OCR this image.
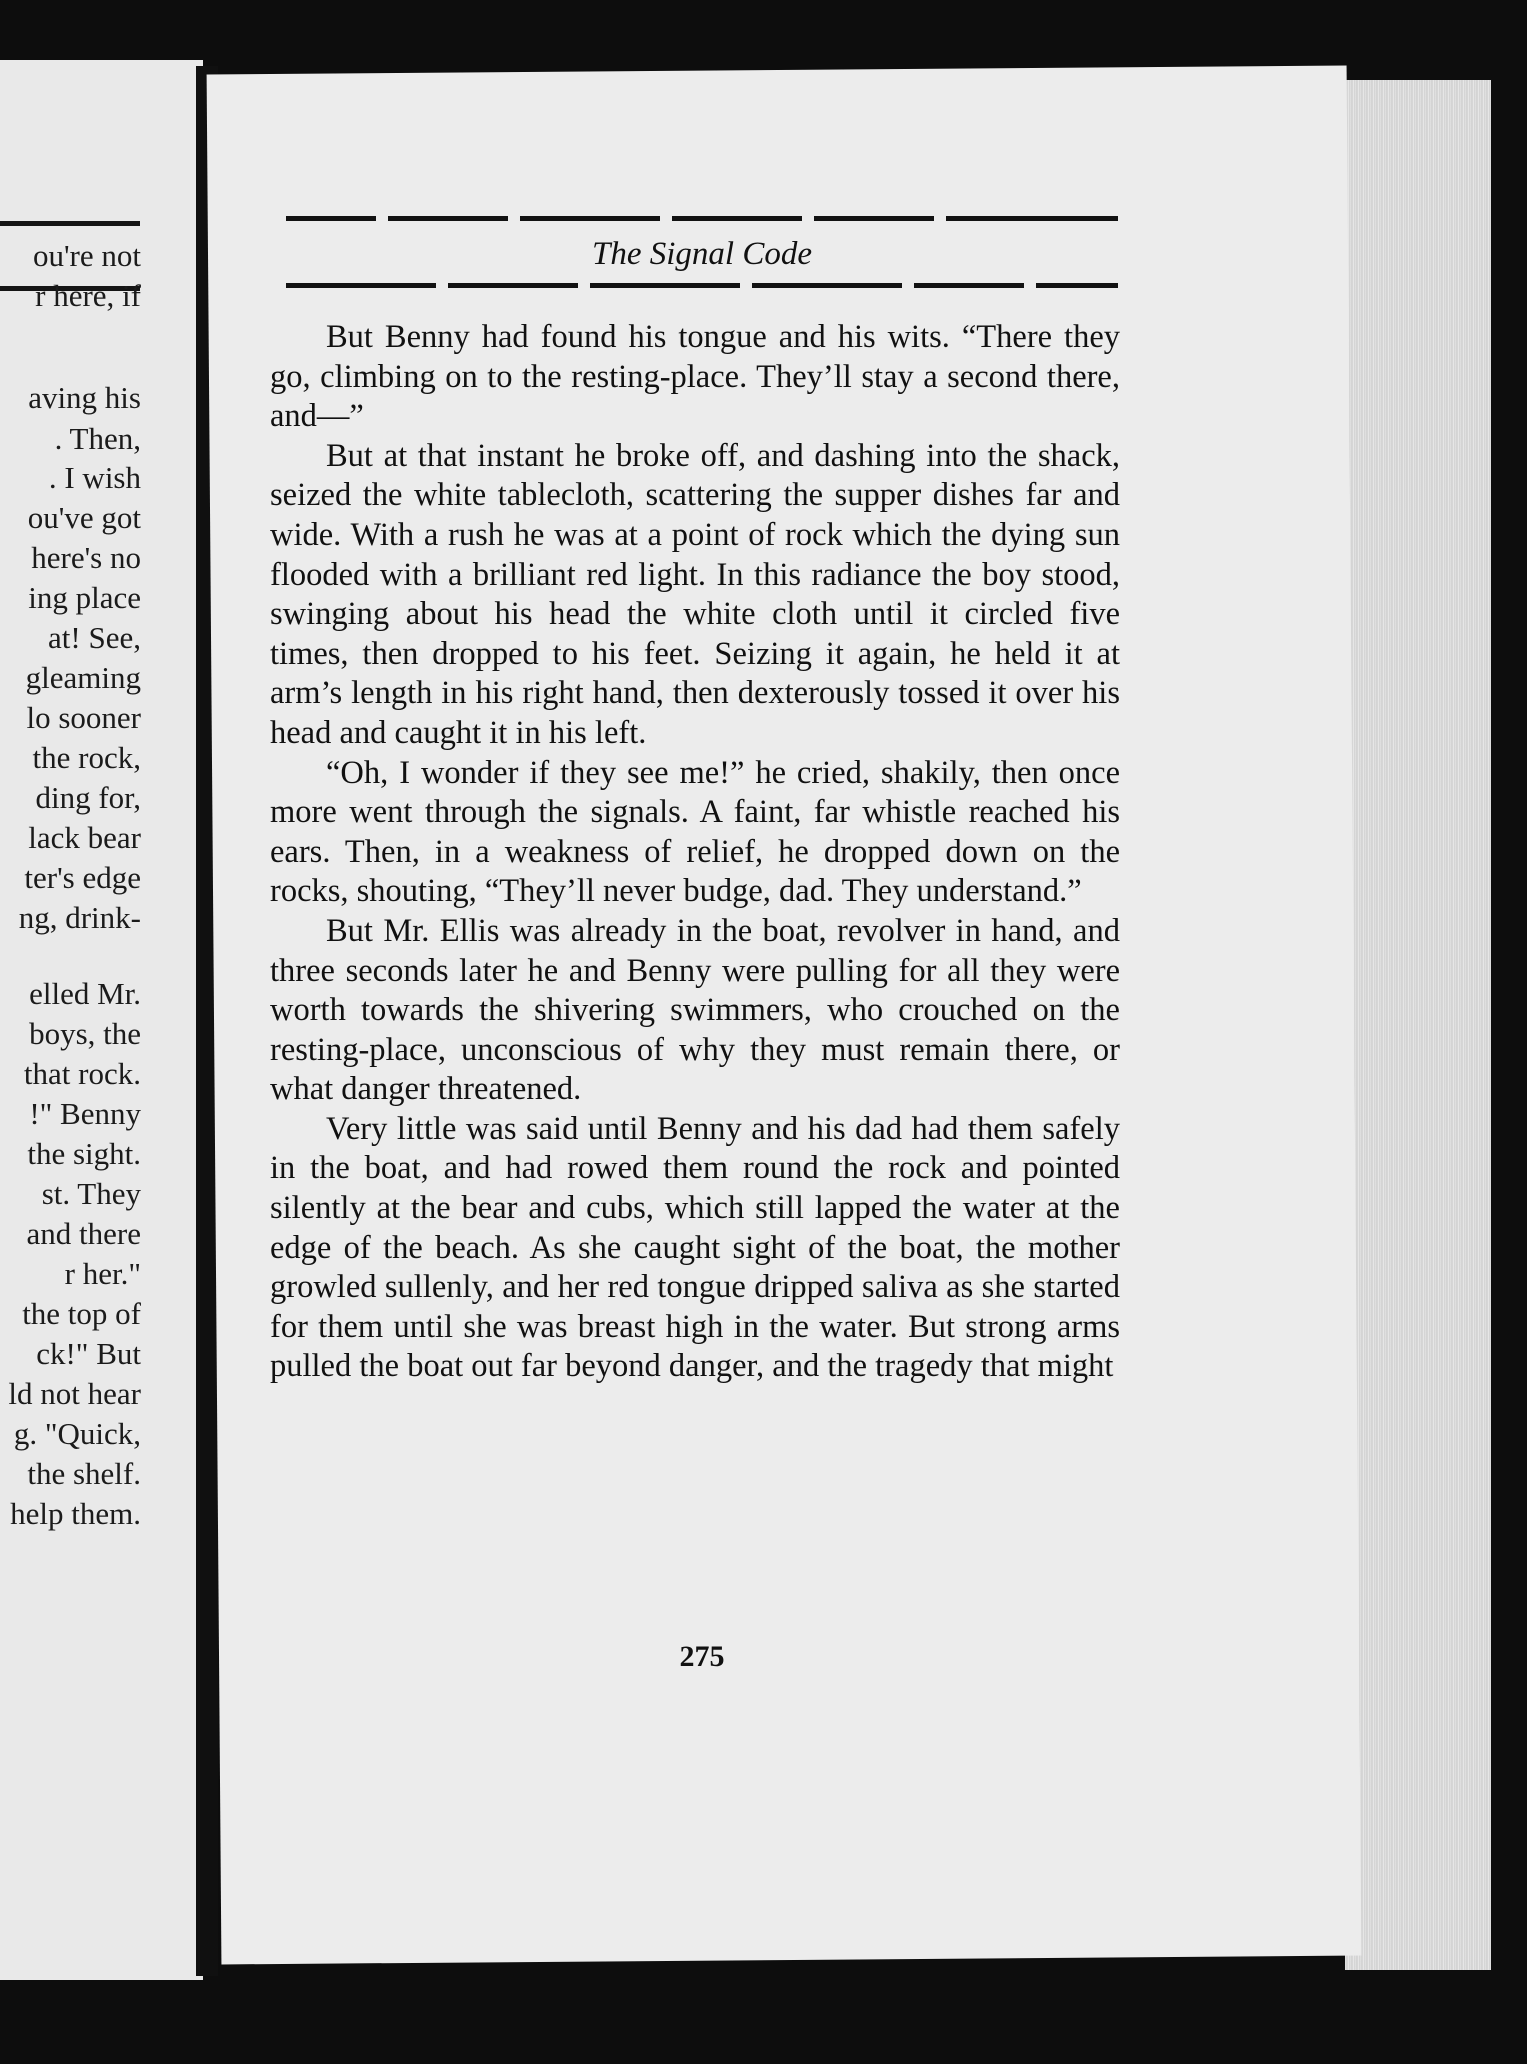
ou're not
r here, if
aving his
. Then,
. I wish
ou've got
here's no
ing place
at! See,
gleaming
lo sooner
the rock,
ding for,
lack bear
ter's edge
ng, drink-
elled Mr.
boys, the
that rock.
!" Benny
the sight.
st. They
and there
r her."
the top of
ck!" But
ld not hear
g. "Quick,
the shelf.
help them.
The Signal Code

But Benny had found his tongue and his wits. “There they go, climbing on to the resting-place. They’ll stay a second there, and—”

But at that instant he broke off, and dashing into the shack, seized the white tablecloth, scattering the supper dishes far and wide. With a rush he was at a point of rock which the dying sun flooded with a brilliant red light. In this radiance the boy stood, swinging about his head the white cloth until it circled five times, then dropped to his feet. Seizing it again, he held it at arm’s length in his right hand, then dexterously tossed it over his head and caught it in his left.

“Oh, I wonder if they see me!” he cried, shakily, then once more went through the signals. A faint, far whistle reached his ears. Then, in a weakness of relief, he dropped down on the rocks, shouting, “They’ll never budge, dad. They understand.”

But Mr. Ellis was already in the boat, revolver in hand, and three seconds later he and Benny were pulling for all they were worth towards the shivering swimmers, who crouched on the resting-place, unconscious of why they must remain there, or what danger threatened.

Very little was said until Benny and his dad had them safely in the boat, and had rowed them round the rock and pointed silently at the bear and cubs, which still lapped the water at the edge of the beach. As she caught sight of the boat, the mother growled sullenly, and her red tongue dripped saliva as she started for them until she was breast high in the water. But strong arms pulled the boat out far beyond danger, and the tragedy that might

275
